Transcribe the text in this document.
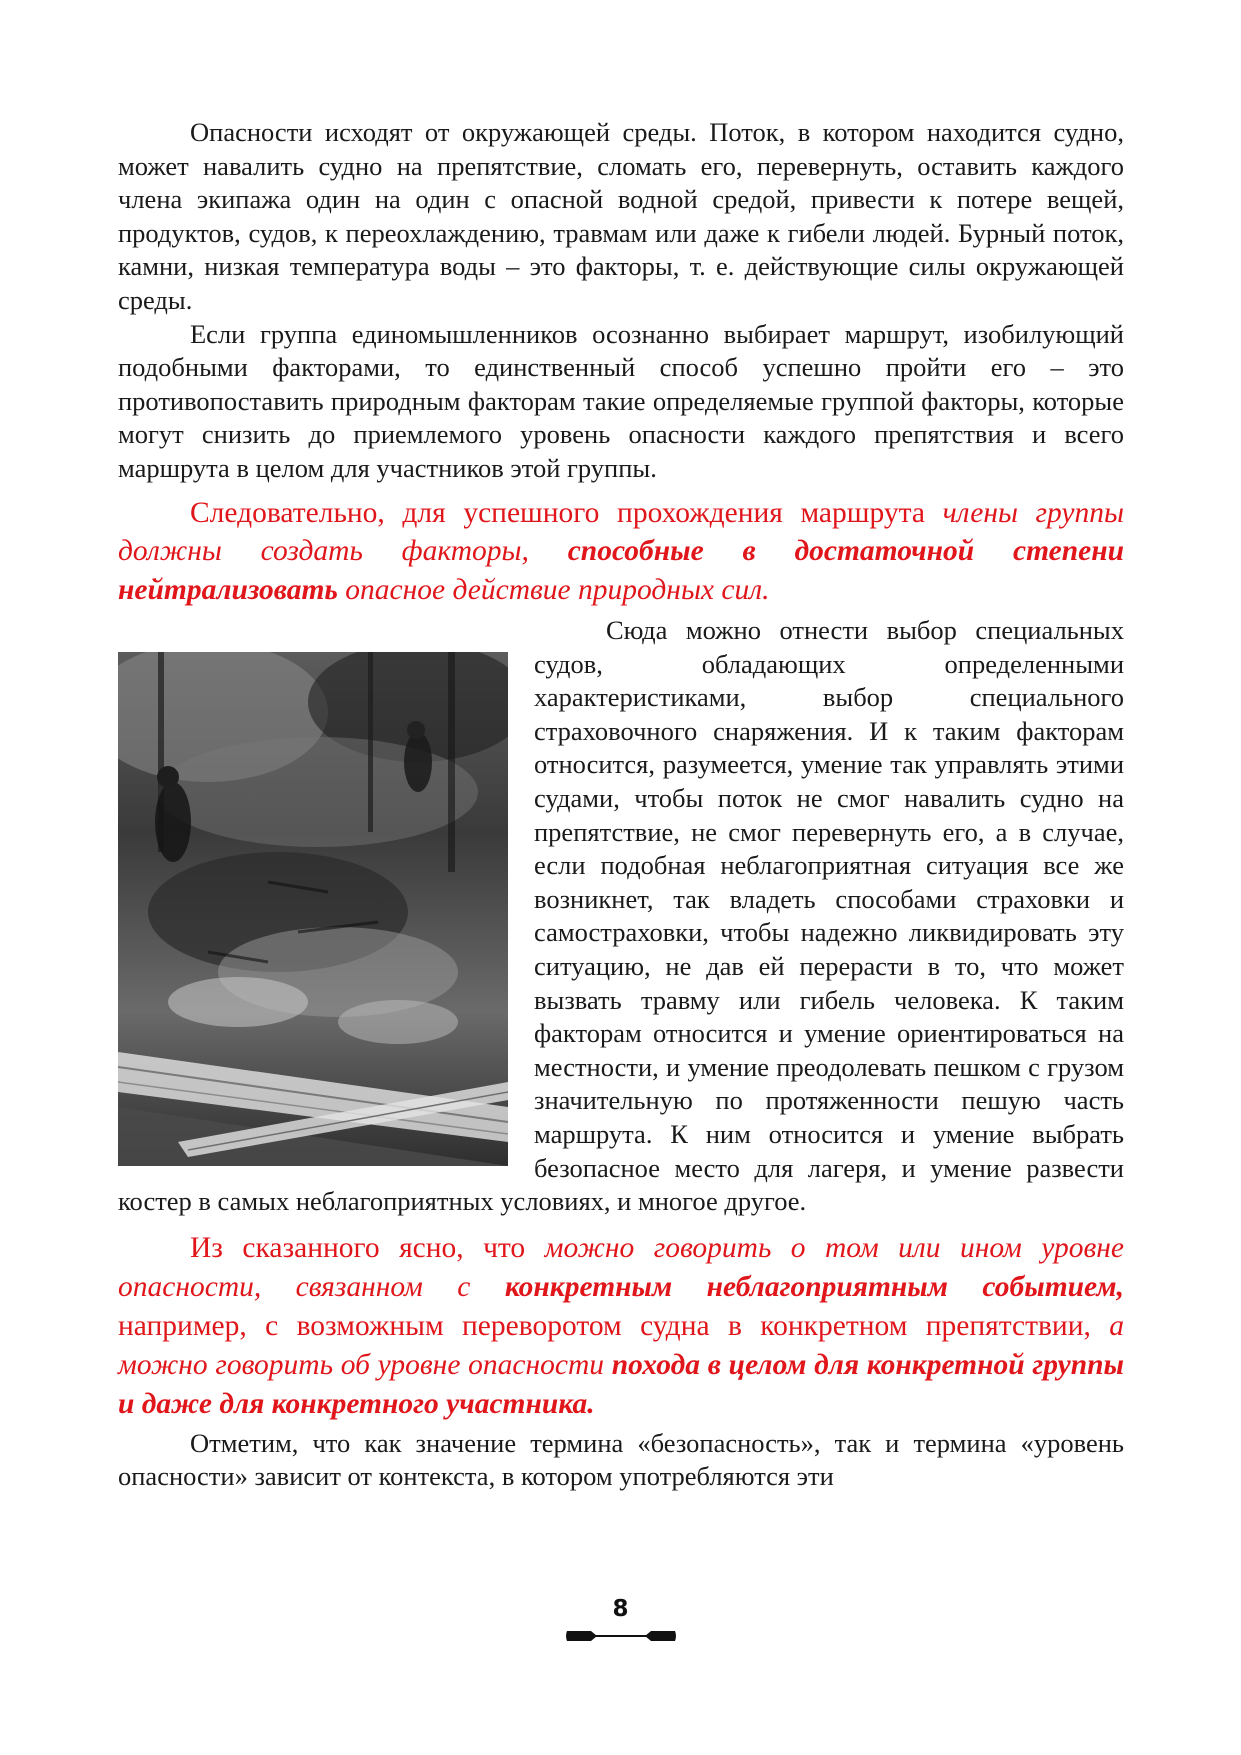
Опасности исходят от окружающей среды. Поток, в котором находится судно, может навалить судно на препятствие, сломать его, перевернуть, оставить каждого члена экипажа один на один с опасной водной средой, привести к потере вещей, продуктов, судов, к переохлаждению, травмам или даже к гибели людей. Бурный поток, камни, низкая температура воды – это факторы, т. е. действующие силы окружающей среды.

Если группа единомышленников осознанно выбирает маршрут, изобилующий подобными факторами, то единственный способ успешно пройти его – это противопоставить природным факторам такие определяемые группой факторы, которые могут снизить до приемлемого уровень опасности каждого препятствия и всего маршрута в целом для участников этой группы.

Следовательно, для успешного прохождения маршрута члены группы должны создать факторы, способные в достаточной степени нейтрализовать опасное действие природных сил.

Сюда можно отнести выбор специальных судов, обладающих определенными характеристиками, выбор специального страховочного снаряжения. И к таким факторам относится, разумеется, умение так управлять этими судами, чтобы поток не смог навалить судно на препятствие, не смог перевернуть его, а в случае, если подобная неблагоприятная ситуация все же возникнет, так владеть способами страховки и самостраховки, чтобы надежно ликвидировать эту ситуацию, не дав ей перерасти в то, что может вызвать травму или гибель человека. К таким факторам относится и умение ориентироваться на местности, и умение преодолевать пешком с грузом значительную по протяженности пешую часть маршрута. К ним относится и умение выбрать безопасное место для лагеря, и умение развести костер в самых неблагоприятных условиях, и многое другое.

Из сказанного ясно, что можно говорить о том или ином уровне опасности, связанном с конкретным неблагоприятным событием, например, с возможным переворотом судна в конкретном препятствии, а можно говорить об уровне опасности похода в целом для конкретной группы и даже для конкретного участника.

Отметим, что как значение термина «безопасность», так и термина «уровень опасности» зависит от контекста, в котором употребляются эти

8
